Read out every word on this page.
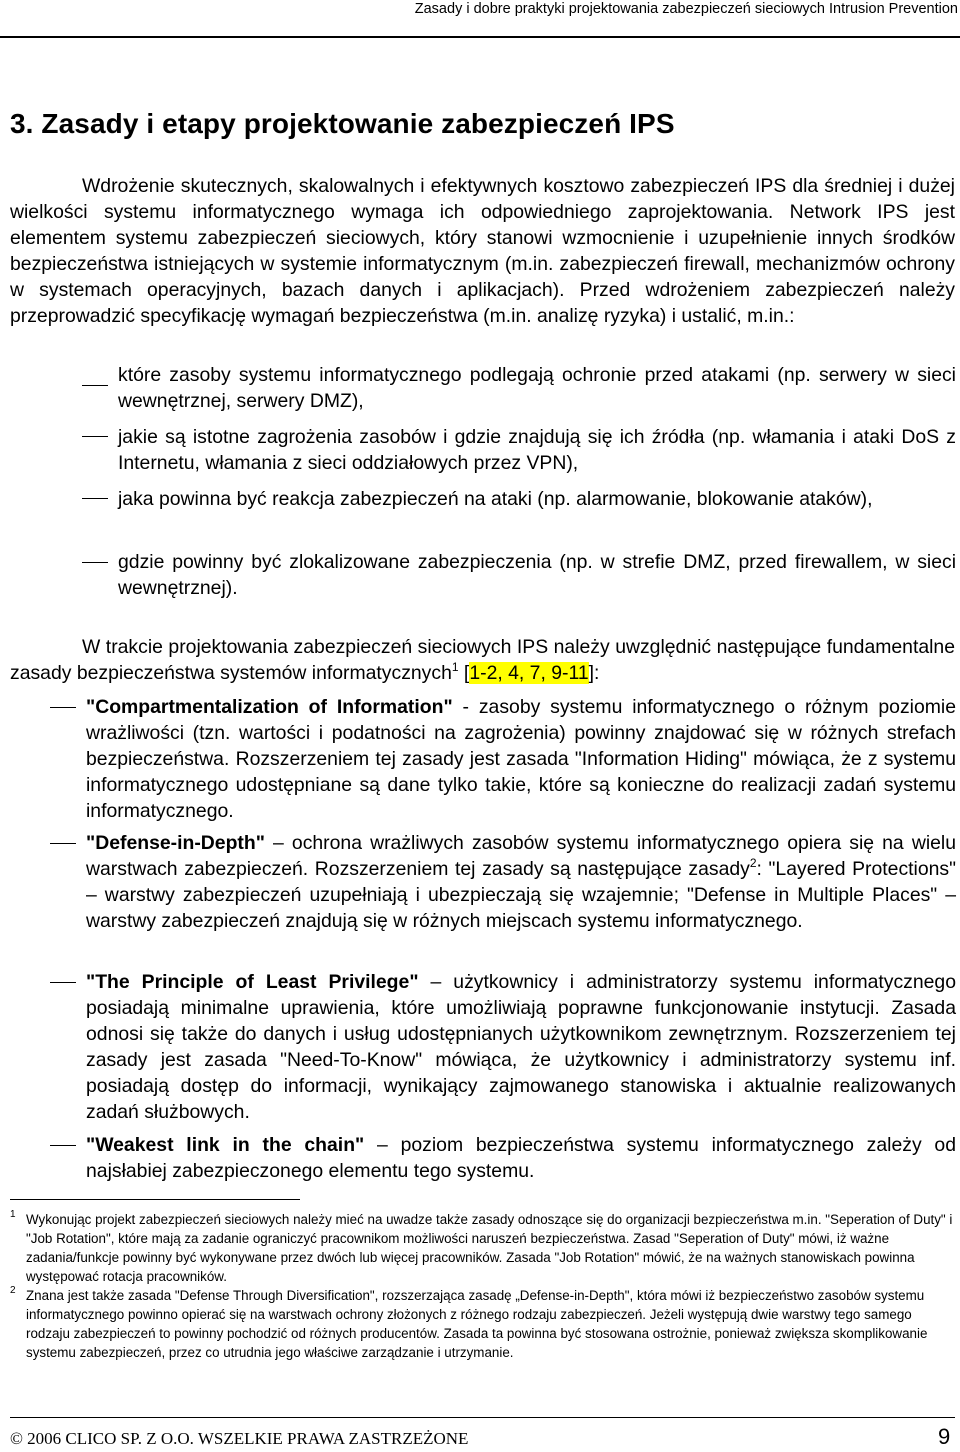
Zasady i dobre praktyki projektowania zabezpieczeń sieciowych Intrusion Prevention
3. Zasady i etapy projektowanie zabezpieczeń IPS

Wdrożenie skutecznych, skalowalnych i efektywnych kosztowo zabezpieczeń IPS dla średniej i dużej wielkości systemu informatycznego wymaga ich odpowiedniego zaprojektowania. Network IPS jest elementem systemu zabezpieczeń sieciowych, który stanowi wzmocnienie i uzupełnienie innych środków bezpieczeństwa istniejących w systemie informatycznym (m.in. zabezpieczeń firewall, mechanizmów ochrony w systemach operacyjnych, bazach danych i aplikacjach). Przed wdrożeniem zabezpieczeń należy przeprowadzić specyfikację wymagań bezpieczeństwa (m.in. analizę ryzyka) i ustalić, m.in.:

które zasoby systemu informatycznego podlegają ochronie przed atakami (np. serwery w sieci wewnętrznej, serwery DMZ),

jakie są istotne zagrożenia zasobów i gdzie znajdują się ich źródła (np. włamania i ataki DoS z Internetu, włamania z sieci oddziałowych przez VPN),

jaka powinna być reakcja zabezpieczeń na ataki (np. alarmowanie, blokowanie ataków),

gdzie powinny być zlokalizowane zabezpieczenia (np. w strefie DMZ, przed firewallem, w sieci wewnętrznej).

W trakcie projektowania zabezpieczeń sieciowych IPS należy uwzględnić następujące fundamentalne zasady bezpieczeństwa systemów informatycznych$^1$ [1-2, 4, 7, 9-11]:

"Compartmentalization of Information" - zasoby systemu informatycznego o różnym poziomie wrażliwości (tzn. wartości i podatności na zagrożenia) powinny znajdować się w różnych strefach bezpieczeństwa. Rozszerzeniem tej zasady jest zasada "Information Hiding" mówiąca, że z systemu informatycznego udostępniane są dane tylko takie, które są konieczne do realizacji zadań systemu informatycznego.

"Defense-in-Depth" – ochrona wrażliwych zasobów systemu informatycznego opiera się na wielu warstwach zabezpieczeń. Rozszerzeniem tej zasady są następujące zasady$^2$: "Layered Protections" – warstwy zabezpieczeń uzupełniają i ubezpieczają się wzajemnie; "Defense in Multiple Places" – warstwy zabezpieczeń znajdują się w różnych miejscach systemu informatycznego.

"The Principle of Least Privilege" – użytkownicy i administratorzy systemu informatycznego posiadają minimalne uprawienia, które umożliwiają poprawne funkcjonowanie instytucji. Zasada odnosi się także do danych i usług udostępnianych użytkownikom zewnętrznym. Rozszerzeniem tej zasady jest zasada "Need-To-Know" mówiąca, że użytkownicy i administratorzy systemu inf. posiadają dostęp do informacji, wynikający zajmowanego stanowiska i aktualnie realizowanych zadań służbowych.

"Weakest link in the chain" – poziom bezpieczeństwa systemu informatycznego zależy od najsłabiej zabezpieczonego elementu tego systemu.

1 Wykonując projekt zabezpieczeń sieciowych należy mieć na uwadze także zasady odnoszące się do organizacji bezpieczeństwa m.in. "Seperation of Duty" i "Job Rotation", które mają za zadanie ograniczyć pracownikom możliwości naruszeń bezpieczeństwa. Zasad "Seperation of Duty" mówi, iż ważne zadania/funkcje powinny być wykonywane przez dwóch lub więcej pracowników. Zasada "Job Rotation" mówić, że na ważnych stanowiskach powinna występować rotacja pracowników.

2 Znana jest także zasada "Defense Through Diversification", rozszerzająca zasadę „Defense-in-Depth", która mówi iż bezpieczeństwo zasobów systemu informatycznego powinno opierać się na warstwach ochrony złożonych z różnego rodzaju zabezpieczeń. Jeżeli występują dwie warstwy tego samego rodzaju zabezpieczeń to powinny pochodzić od różnych producentów. Zasada ta powinna być stosowana ostrożnie, ponieważ zwiększa skomplikowanie systemu zabezpieczeń, przez co utrudnia jego właściwe zarządzanie i utrzymanie.

© 2006 CLICO SP. Z O.O. WSZELKIE PRAWA ZASTRZEŻONE	9
